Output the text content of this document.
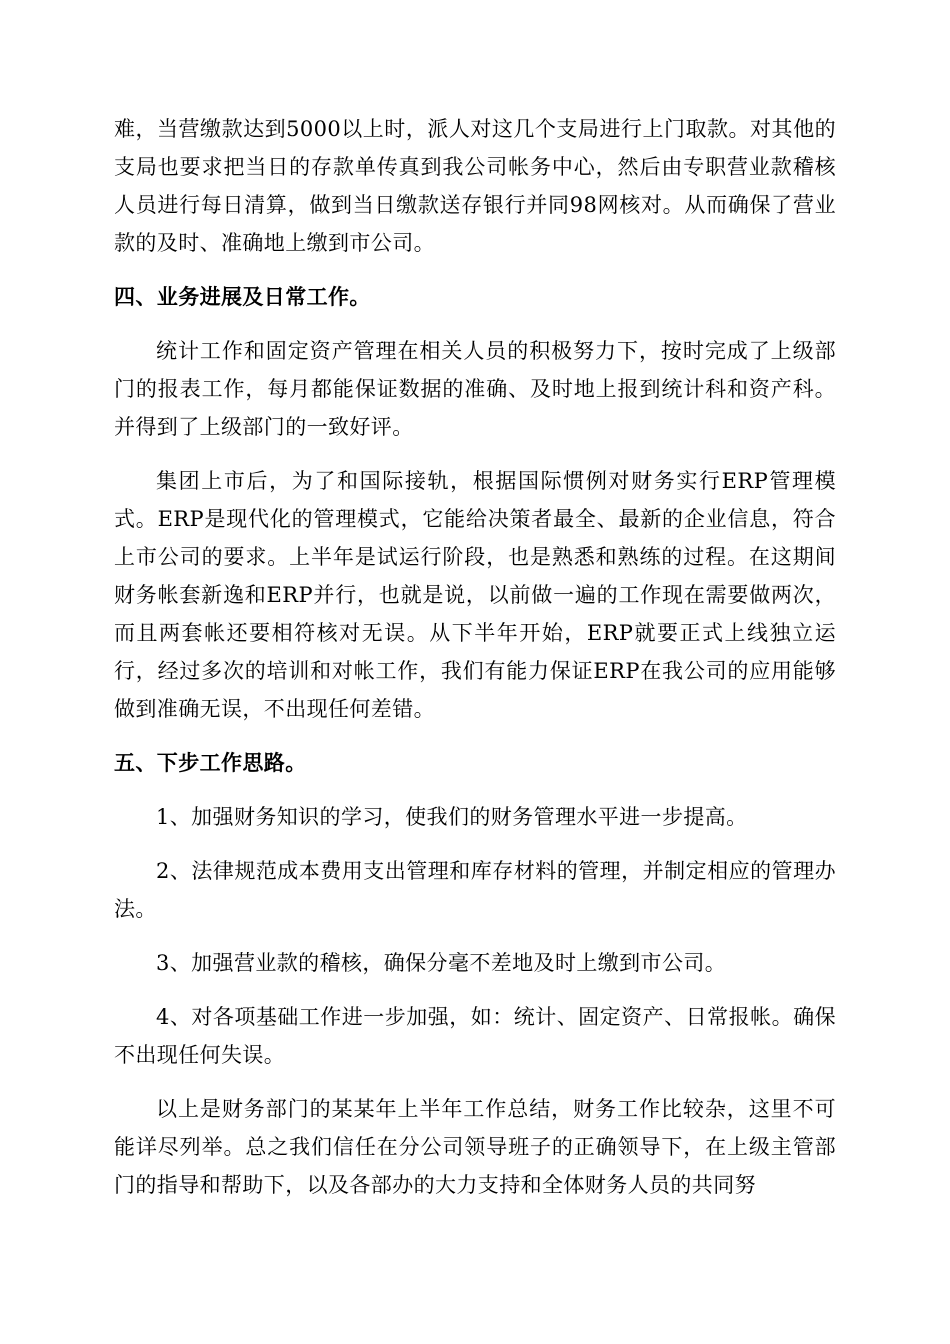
难，当营缴款达到5000以上时，派人对这几个支局进行上门取款。对其他的支局也要求把当日的存款单传真到我公司帐务中心，然后由专职营业款稽核人员进行每日清算，做到当日缴款送存银行并同98网核对。从而确保了营业款的及时、准确地上缴到市公司。

四、业务进展及日常工作。

统计工作和固定资产管理在相关人员的积极努力下，按时完成了上级部门的报表工作，每月都能保证数据的准确、及时地上报到统计科和资产科。并得到了上级部门的一致好评。

集团上市后，为了和国际接轨，根据国际惯例对财务实行ERP管理模式。ERP是现代化的管理模式，它能给决策者最全、最新的企业信息，符合上市公司的要求。上半年是试运行阶段，也是熟悉和熟练的过程。在这期间财务帐套新逸和ERP并行，也就是说，以前做一遍的工作现在需要做两次，而且两套帐还要相符核对无误。从下半年开始，ERP就要正式上线独立运行，经过多次的培训和对帐工作，我们有能力保证ERP在我公司的应用能够做到准确无误，不出现任何差错。

五、下步工作思路。

1、加强财务知识的学习，使我们的财务管理水平进一步提高。

2、法律规范成本费用支出管理和库存材料的管理，并制定相应的管理办法。

3、加强营业款的稽核，确保分毫不差地及时上缴到市公司。

4、对各项基础工作进一步加强，如：统计、固定资产、日常报帐。确保不出现任何失误。

以上是财务部门的某某年上半年工作总结，财务工作比较杂，这里不可能详尽列举。总之我们信任在分公司领导班子的正确领导下，在上级主管部门的指导和帮助下，以及各部办的大力支持和全体财务人员的共同努
